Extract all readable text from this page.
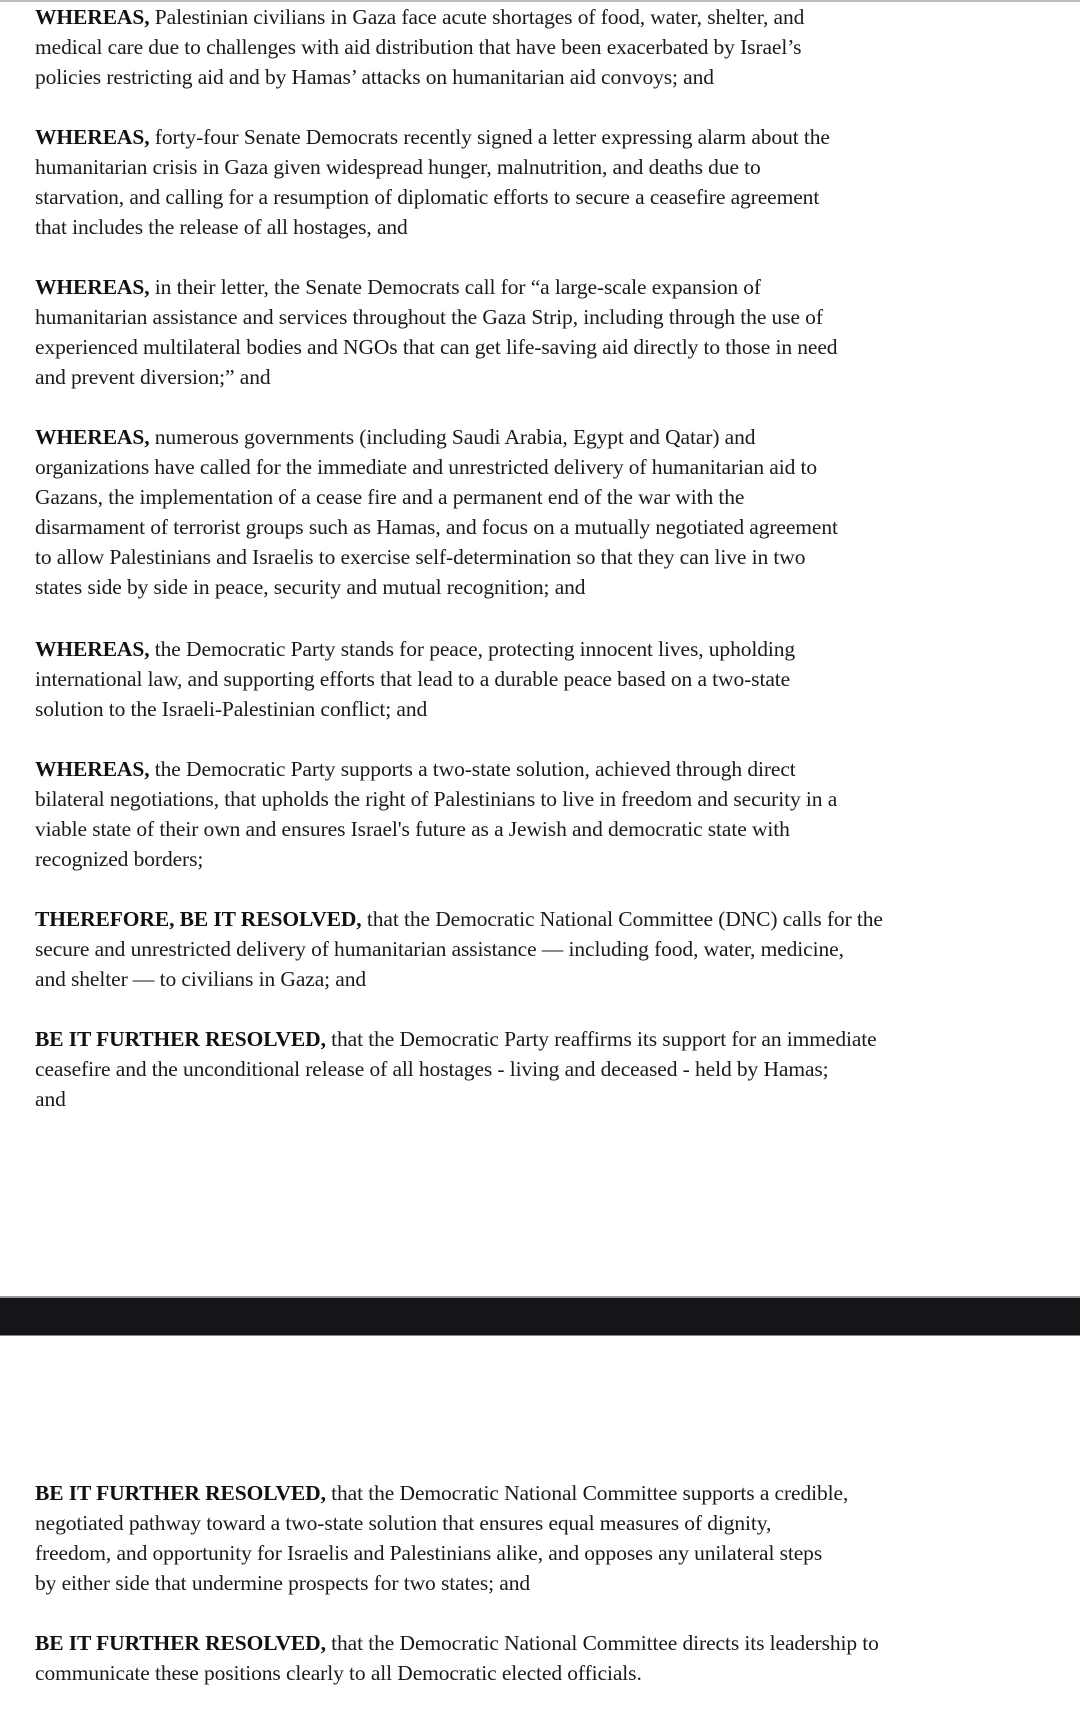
WHEREAS, Palestinian civilians in Gaza face acute shortages of food, water, shelter, and
medical care due to challenges with aid distribution that have been exacerbated by Israel’s
policies restricting aid and by Hamas’ attacks on humanitarian aid convoys; and

WHEREAS, forty-four Senate Democrats recently signed a letter expressing alarm about the
humanitarian crisis in Gaza given widespread hunger, malnutrition, and deaths due to
starvation, and calling for a resumption of diplomatic efforts to secure a ceasefire agreement
that includes the release of all hostages, and

WHEREAS, in their letter, the Senate Democrats call for “a large-scale expansion of
humanitarian assistance and services throughout the Gaza Strip, including through the use of
experienced multilateral bodies and NGOs that can get life-saving aid directly to those in need
and prevent diversion;” and

WHEREAS, numerous governments (including Saudi Arabia, Egypt and Qatar) and
organizations have called for the immediate and unrestricted delivery of humanitarian aid to
Gazans, the implementation of a cease fire and a permanent end of the war with the
disarmament of terrorist groups such as Hamas, and focus on a mutually negotiated agreement
to allow Palestinians and Israelis to exercise self-determination so that they can live in two
states side by side in peace, security and mutual recognition; and

WHEREAS, the Democratic Party stands for peace, protecting innocent lives, upholding
international law, and supporting efforts that lead to a durable peace based on a two-state
solution to the Israeli-Palestinian conflict; and

WHEREAS, the Democratic Party supports a two-state solution, achieved through direct
bilateral negotiations, that upholds the right of Palestinians to live in freedom and security in a
viable state of their own and ensures Israel's future as a Jewish and democratic state with
recognized borders;

THEREFORE, BE IT RESOLVED, that the Democratic National Committee (DNC) calls for the
secure and unrestricted delivery of humanitarian assistance — including food, water, medicine,
and shelter — to civilians in Gaza; and

BE IT FURTHER RESOLVED, that the Democratic Party reaffirms its support for an immediate
ceasefire and the unconditional release of all hostages - living and deceased - held by Hamas;
and

BE IT FURTHER RESOLVED, that the Democratic National Committee supports a credible,
negotiated pathway toward a two-state solution that ensures equal measures of dignity,
freedom, and opportunity for Israelis and Palestinians alike, and opposes any unilateral steps
by either side that undermine prospects for two states; and

BE IT FURTHER RESOLVED, that the Democratic National Committee directs its leadership to
communicate these positions clearly to all Democratic elected officials.
